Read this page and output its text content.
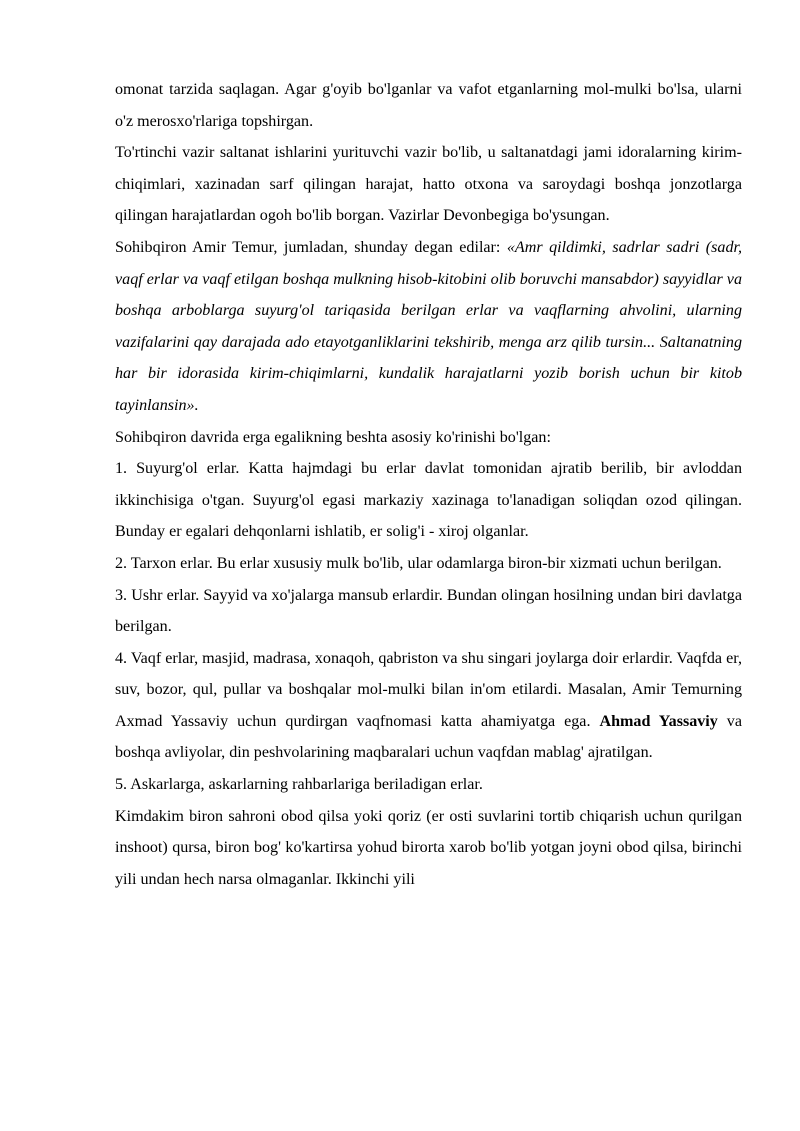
omonat tarzida saqlagan. Agar g'oyib bo'lganlar va vafot etganlarning mol-mulki bo'lsa, ularni o'z merosxo'rlariga topshirgan.

To'rtinchi vazir saltanat ishlarini yurituvchi vazir bo'lib, u saltanatdagi jami idoralarning kirim-chiqimlari, xazinadan sarf qilingan harajat, hatto otxona va saroydagi boshqa jonzotlarga qilingan harajatlardan ogoh bo'lib borgan. Vazirlar Devonbegiga bo'ysungan.

Sohibqiron Amir Temur, jumladan, shunday degan edilar: «Amr qildimki, sadrlar sadri (sadr, vaqf erlar va vaqf etilgan boshqa mulkning hisob-kitobini olib boruvchi mansabdor) sayyidlar va boshqa arboblarga suyurg'ol tariqasida berilgan erlar va vaqflarning ahvolini, ularning vazifalarini qay darajada ado etayotganliklarini tekshirib, menga arz qilib tursin... Saltanatning har bir idorasida kirim-chiqimlarni, kundalik harajatlarni yozib borish uchun bir kitob tayinlansin».

Sohibqiron davrida erga egalikning beshta asosiy ko'rinishi bo'lgan:

1. Suyurg'ol erlar. Katta hajmdagi bu erlar davlat tomonidan ajratib berilib, bir avloddan ikkinchisiga o'tgan. Suyurg'ol egasi markaziy xazinaga to'lanadigan soliqdan ozod qilingan. Bunday er egalari dehqonlarni ishlatib, er solig'i - xiroj olganlar.

2. Tarxon erlar. Bu erlar xususiy mulk bo'lib, ular odamlarga biron-bir xizmati uchun berilgan.

3. Ushr erlar. Sayyid va xo'jalarga mansub erlardir. Bundan olingan hosilning undan biri davlatga berilgan.

4. Vaqf erlar, masjid, madrasa, xonaqoh, qabriston va shu singari joylarga doir erlardir. Vaqfda er, suv, bozor, qul, pullar va boshqalar mol-mulki bilan in'om etilardi. Masalan, Amir Temurning Axmad Yassaviy uchun qurdirgan vaqfnomasi katta ahamiyatga ega. Ahmad Yassaviy va boshqa avliyolar, din peshvolarining maqbaralari uchun vaqfdan mablag' ajratilgan.

5. Askarlarga, askarlarning rahbarlariga beriladigan erlar.

Kimdakim biron sahroni obod qilsa yoki qoriz (er osti suvlarini tortib chiqarish uchun qurilgan inshoot) qursa, biron bog' ko'kartirsa yohud birorta xarob bo'lib yotgan joyni obod qilsa, birinchi yili undan hech narsa olmaganlar. Ikkinchi yili
